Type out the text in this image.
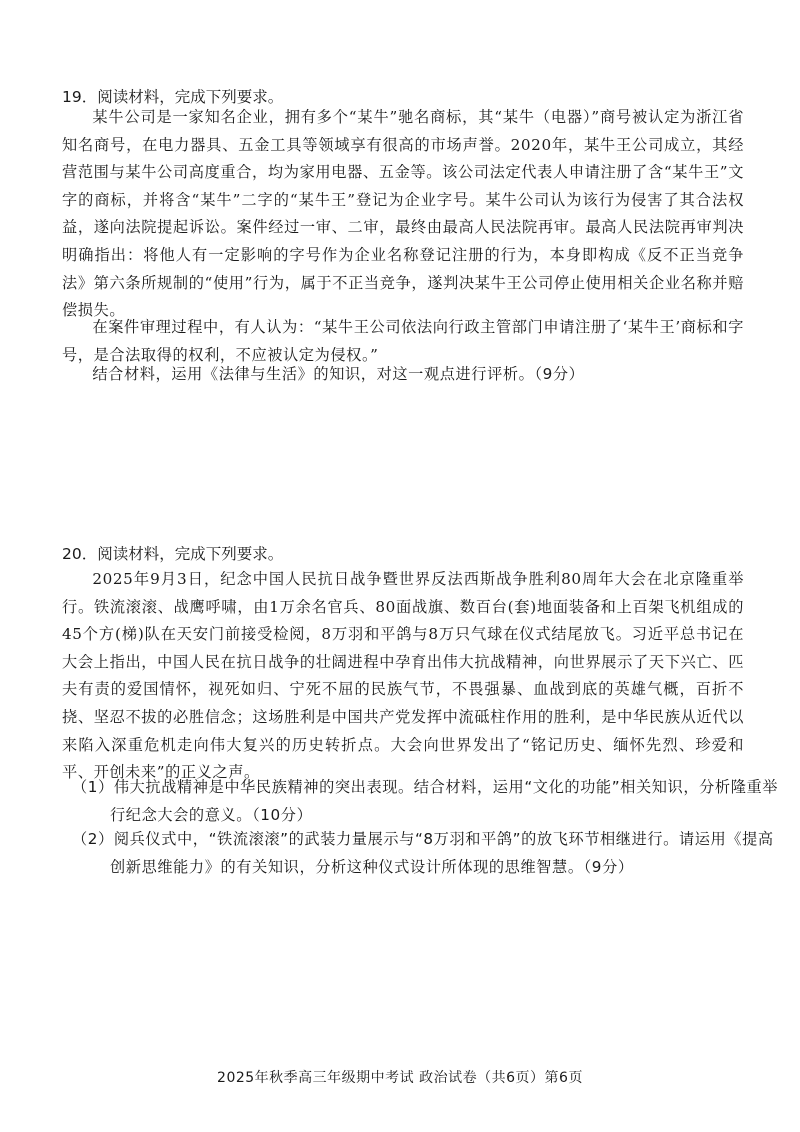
19．阅读材料，完成下列要求。

某牛公司是一家知名企业，拥有多个“某牛”驰名商标，其“某牛（电器）”商号被认定为浙江省知名商号，在电力器具、五金工具等领域享有很高的市场声誉。2020年，某牛王公司成立，其经营范围与某牛公司高度重合，均为家用电器、五金等。该公司法定代表人申请注册了含“某牛王”文字的商标，并将含“某牛”二字的“某牛王”登记为企业字号。某牛公司认为该行为侵害了其合法权益，遂向法院提起诉讼。案件经过一审、二审，最终由最高人民法院再审。最高人民法院再审判决明确指出：将他人有一定影响的字号作为企业名称登记注册的行为，本身即构成《反不正当竞争法》第六条所规制的“使用”行为，属于不正当竞争，遂判决某牛王公司停止使用相关企业名称并赔偿损失。

在案件审理过程中，有人认为：“某牛王公司依法向行政主管部门申请注册了‘某牛王’商标和字号，是合法取得的权利，不应被认定为侵权。”

结合材料，运用《法律与生活》的知识，对这一观点进行评析。（9分）

20．阅读材料，完成下列要求。

2025年9月3日，纪念中国人民抗日战争暨世界反法西斯战争胜利80周年大会在北京隆重举行。铁流滚滚、战鹰呼啸，由1万余名官兵、80面战旗、数百台(套)地面装备和上百架飞机组成的45个方(梯)队在天安门前接受检阅，8万羽和平鸽与8万只气球在仪式结尾放飞。习近平总书记在大会上指出，中国人民在抗日战争的壮阔进程中孕育出伟大抗战精神，向世界展示了天下兴亡、匹夫有责的爱国情怀，视死如归、宁死不屈的民族气节，不畏强暴、血战到底的英雄气概，百折不挠、坚忍不拔的必胜信念；这场胜利是中国共产党发挥中流砥柱作用的胜利，是中华民族从近代以来陷入深重危机走向伟大复兴的历史转折点。大会向世界发出了“铭记历史、缅怀先烈、珍爱和平、开创未来”的正义之声。

（1）伟大抗战精神是中华民族精神的突出表现。结合材料，运用“文化的功能”相关知识，分析隆重举行纪念大会的意义。（10分）

（2）阅兵仪式中，“铁流滚滚”的武装力量展示与“8万羽和平鸽”的放飞环节相继进行。请运用《提高创新思维能力》的有关知识，分析这种仪式设计所体现的思维智慧。（9分）

2025年秋季高三年级期中考试 政治试卷（共6页）第6页
